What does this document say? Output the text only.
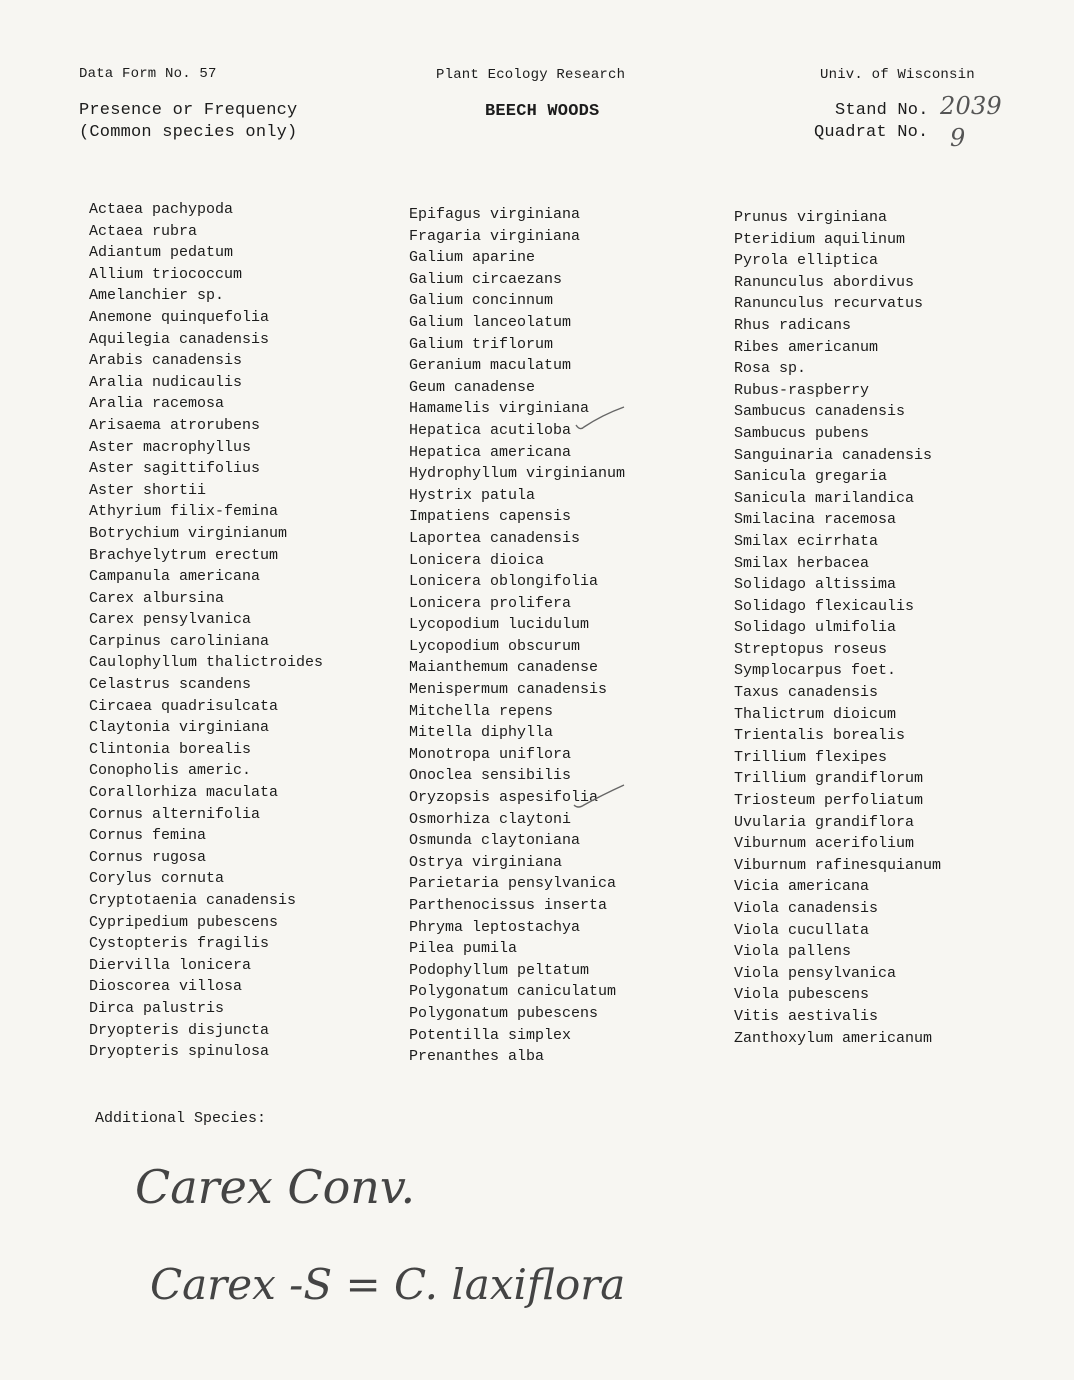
Data Form No. 57	Plant Ecology Research	Univ. of Wisconsin
Presence or Frequency
(Common species only)
BEECH WOODS	Stand No. 2039
Quadrat No. 9
Actaea pachypoda
Actaea rubra
Adiantum pedatum
Allium triococcum
Amelanchier sp.
Anemone quinquefolia
Aquilegia canadensis
Arabis canadensis
Aralia nudicaulis
Aralia racemosa
Arisaema atrorubens
Aster macrophyllus
Aster sagittifolius
Aster shortii
Athyrium filix-femina
Botrychium virginianum
Brachyelytrum erectum
Campanula americana
Carex albursina
Carex pensylvanica
Carpinus caroliniana
Caulophyllum thalictroides
Celastrus scandens
Circaea quadrisulcata
Claytonia virginiana
Clintonia borealis
Conopholis americ.
Corallorhiza maculata
Cornus alternifolia
Cornus femina
Cornus rugosa
Corylus cornuta
Cryptotaenia canadensis
Cypripedium pubescens
Cystopteris fragilis
Diervilla lonicera
Dioscorea villosa
Dirca palustris
Dryopteris disjuncta
Dryopteris spinulosa
Epifagus virginiana
Fragaria virginiana
Galium aparine
Galium circaezans
Galium concinnum
Galium lanceolatum
Galium triflorum
Geranium maculatum
Geum canadense
Hamamelis virginiana
Hepatica acutiloba
Hepatica americana
Hydrophyllum virginianum
Hystrix patula
Impatiens capensis
Laportea canadensis
Lonicera dioica
Lonicera oblongifolia
Lonicera prolifera
Lycopodium lucidulum
Lycopodium obscurum
Maianthemum canadense
Menispermum canadensis
Mitchella repens
Mitella diphylla
Monotropa uniflora
Onoclea sensibilis
Oryzopsis aspesifolia
Osmorhiza claytoni
Osmunda claytoniana
Ostrya virginiana
Parietaria pensylvanica
Parthenocissus inserta
Phryma leptostachya
Pilea pumila
Podophyllum peltatum
Polygonatum caniculatum
Polygonatum pubescens
Potentilla simplex
Prenanthes alba
Prunus virginiana
Pteridium aquilinum
Pyrola elliptica
Ranunculus abordivus
Ranunculus recurvatus
Rhus radicans
Ribes americanum
Rosa sp.
Rubus-raspberry
Sambucus canadensis
Sambucus pubens
Sanguinaria canadensis
Sanicula gregaria
Sanicula marilandica
Smilacina racemosa
Smilax ecirrhata
Smilax herbacea
Solidago altissima
Solidago flexicaulis
Solidago ulmifolia
Streptopus roseus
Symplocarpus foet.
Taxus canadensis
Thalictrum dioicum
Trientalis borealis
Trillium flexipes
Trillium grandiflorum
Triosteum perfoliatum
Uvularia grandiflora
Viburnum acerifolium
Viburnum rafinesquianum
Vicia americana
Viola canadensis
Viola cucullata
Viola pallens
Viola pensylvanica
Viola pubescens
Vitis aestivalis
Zanthoxylum americanum
Additional Species:
Carex Conv.
Carex -S = C. laxiflora
